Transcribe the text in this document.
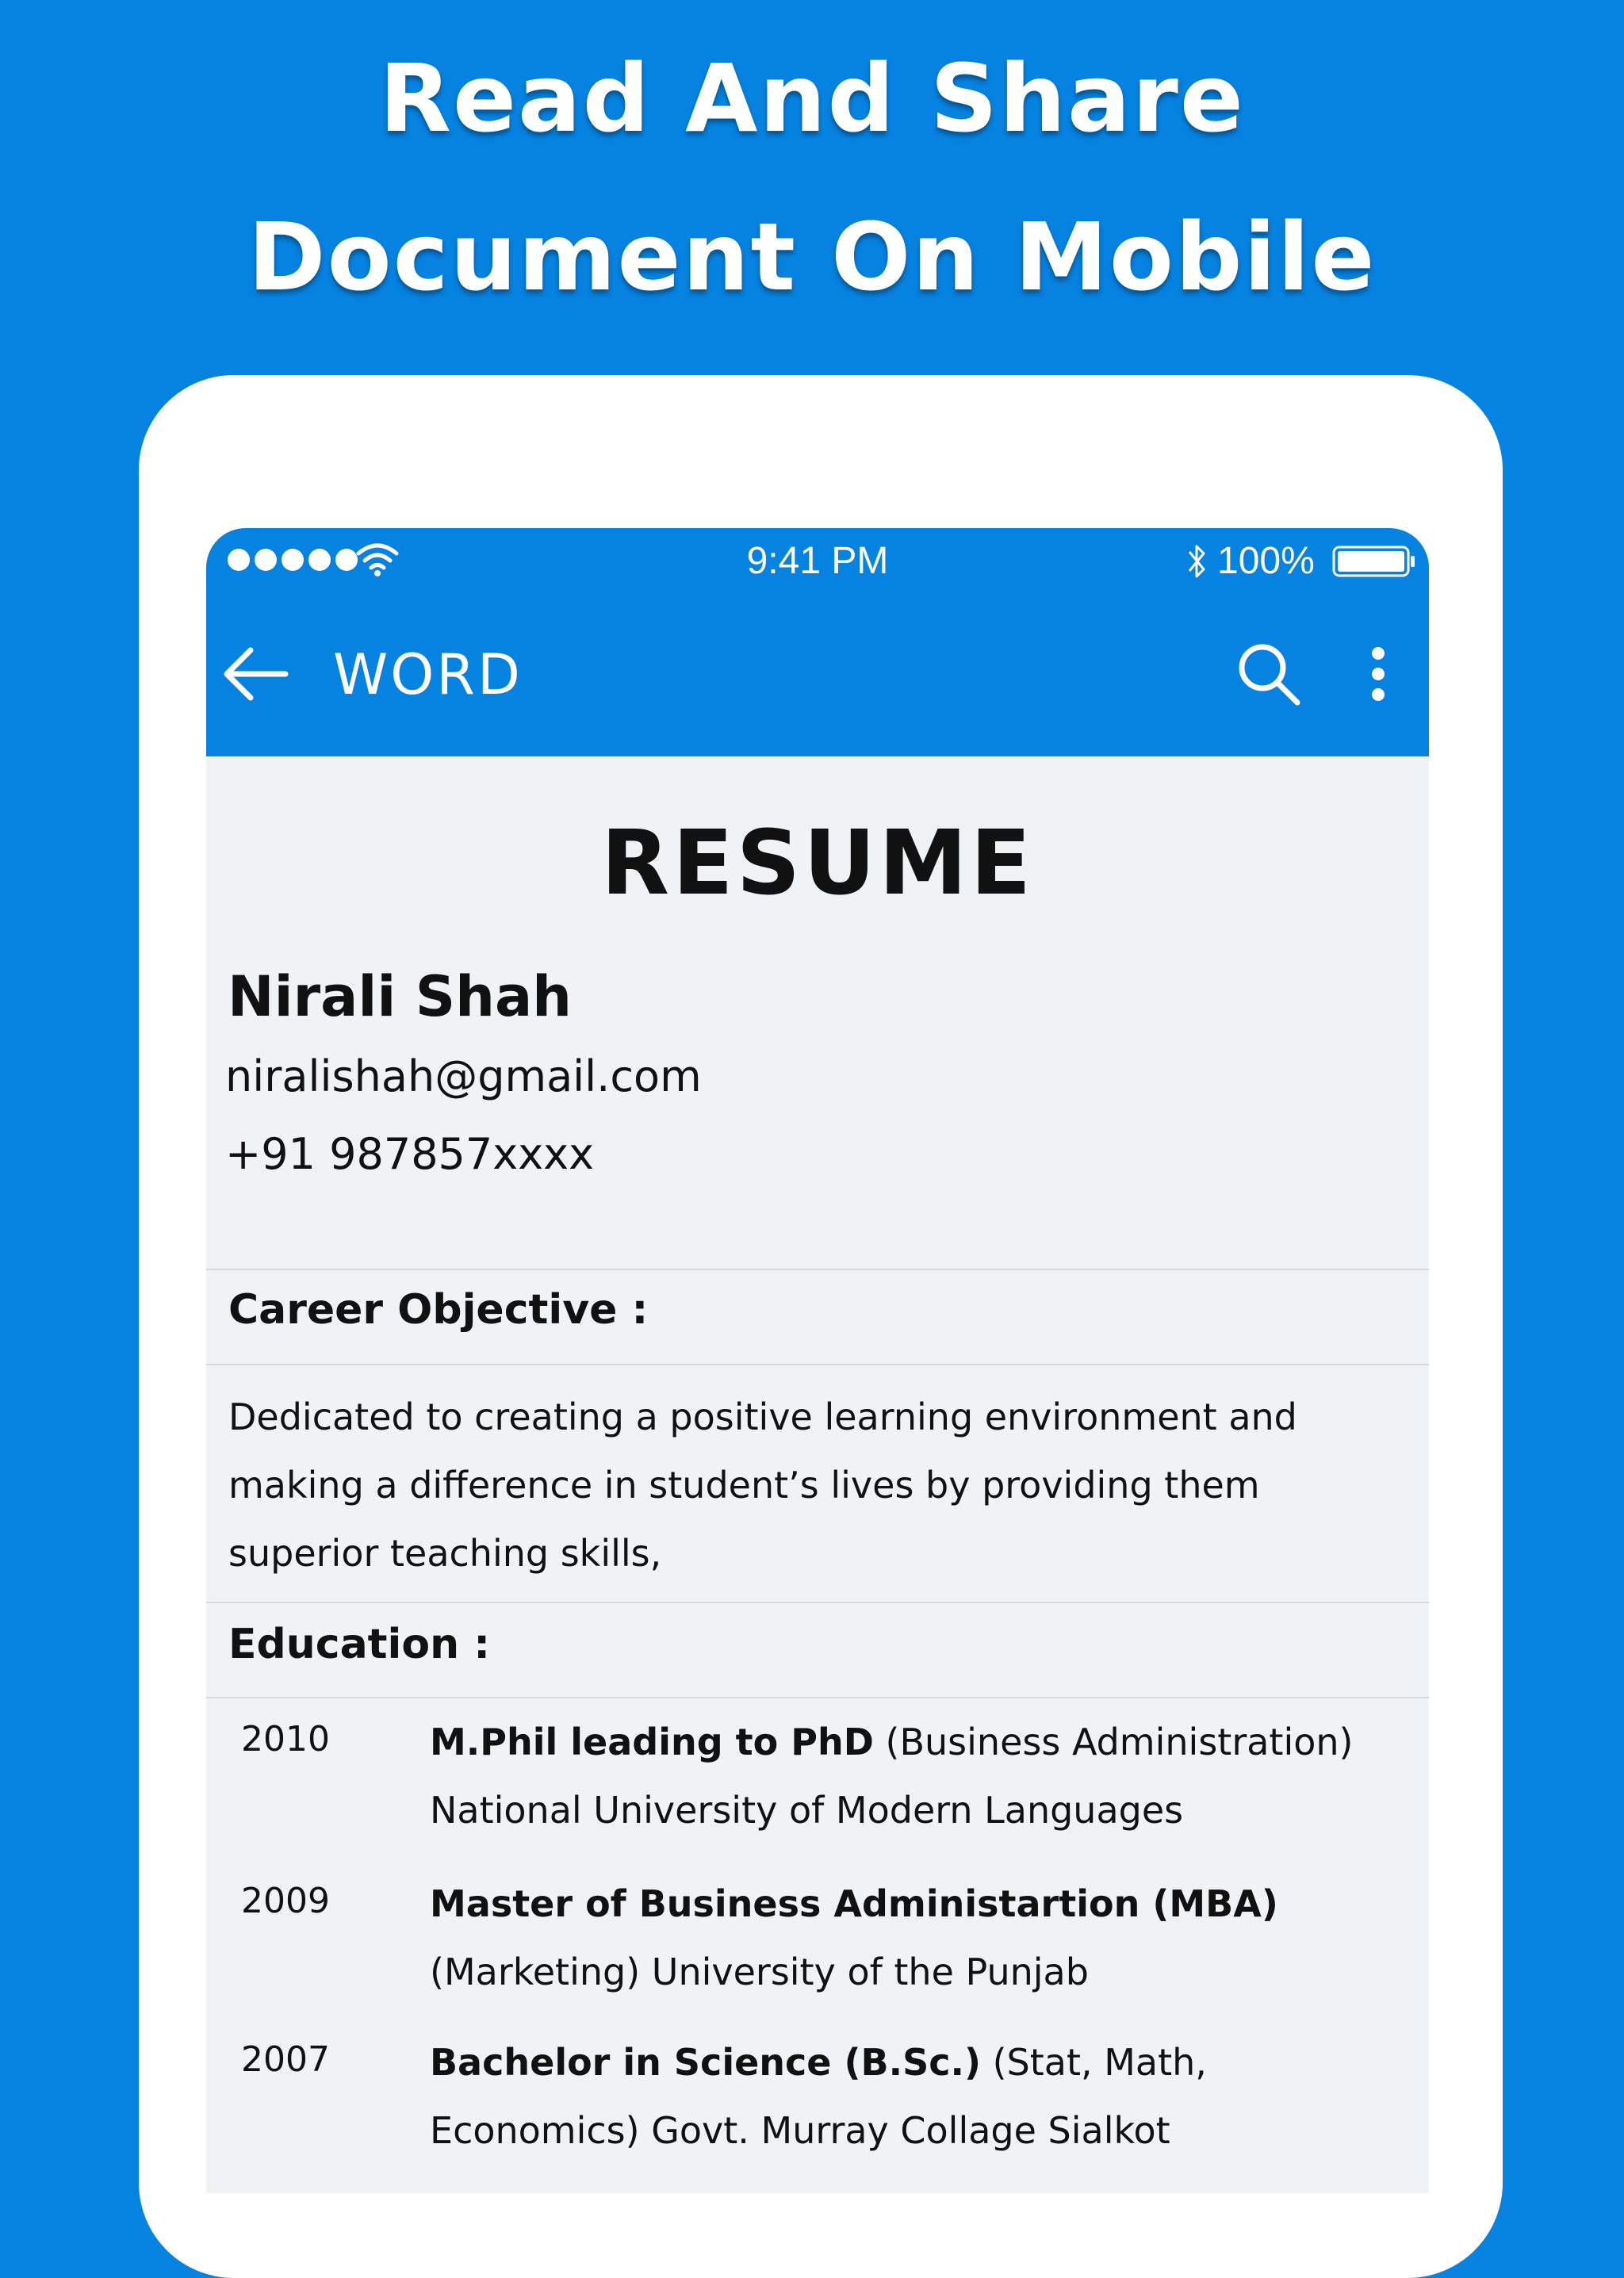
Read And Share
Document On Mobile
9:41 PM	100%
WORD
RESUME
Nirali Shah
niralishah@gmail.com
+91 987857xxxx
Career Objective :
Dedicated to creating a positive learning environment and making a difference in student’s lives by providing them superior teaching skills,
Education :
2010	M.Phil leading to PhD (Business Administration) National University of Modern Languages
2009	Master of Business Administartion (MBA) (Marketing) University of the Punjab
2007	Bachelor in Science (B.Sc.) (Stat, Math, Economics) Govt. Murray Collage Sialkot
